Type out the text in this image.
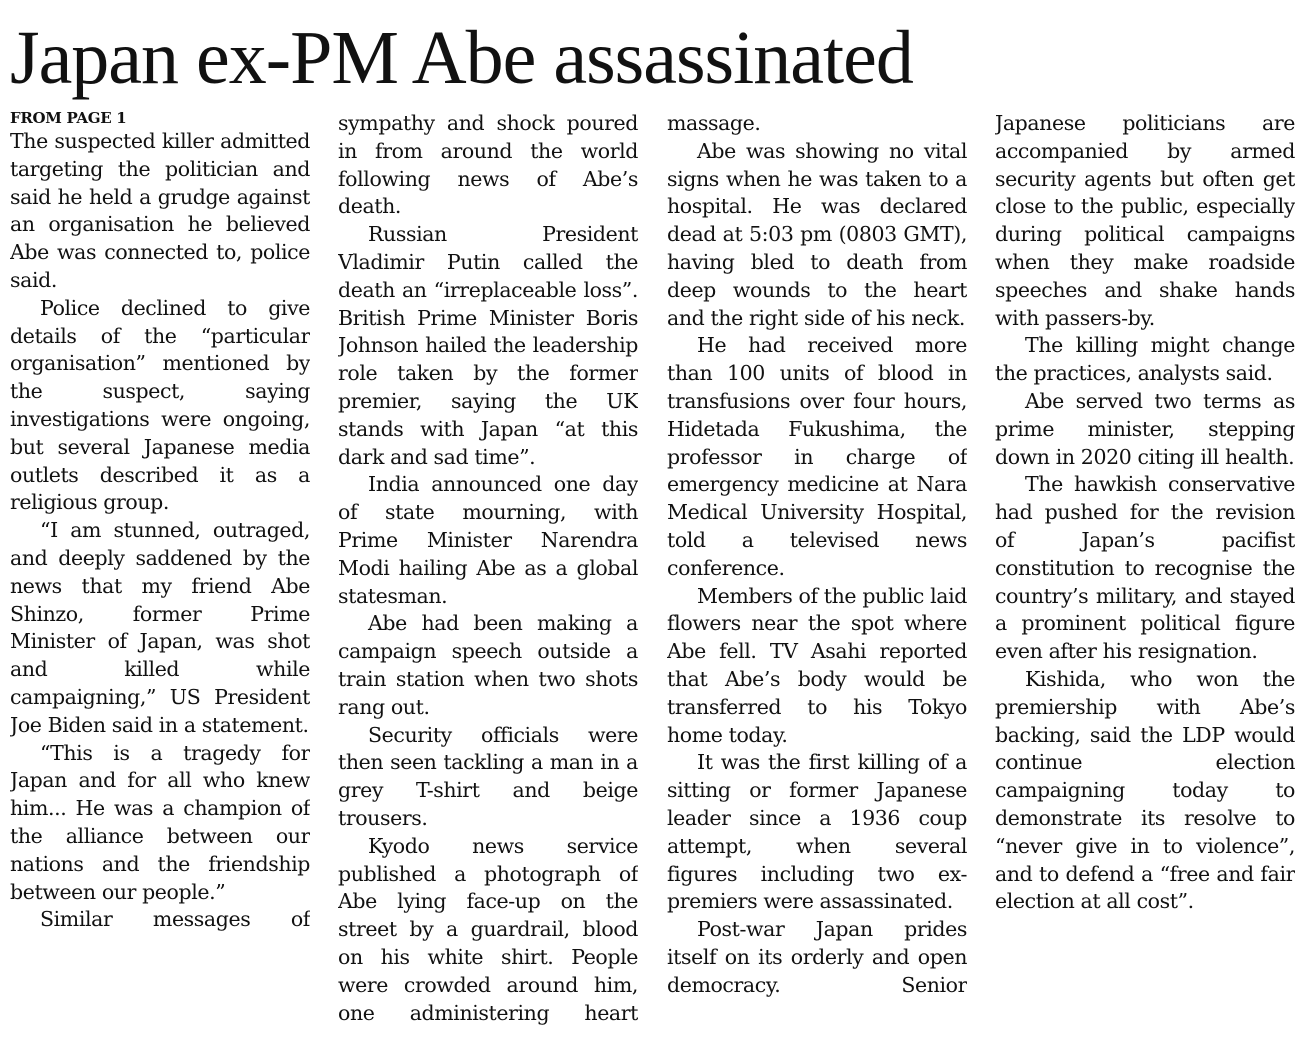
Japan ex-PM Abe assassinated

FROM PAGE 1

The suspected killer admitted targeting the politician and said he held a grudge against an organisation he believed Abe was connected to, police said.

Police declined to give details of the “particular organisation” mentioned by the suspect, saying investigations were ongoing, but several Japanese media outlets described it as a religious group.

“I am stunned, outraged, and deeply saddened by the news that my friend Abe Shinzo, former Prime Minister of Japan, was shot and killed while campaigning,” US President Joe Biden said in a statement.

“This is a tragedy for Japan and for all who knew him... He was a champion of the alliance between our nations and the friendship between our people.”

Similar messages of

sympathy and shock poured in from around the world following news of Abe’s death.

Russian President Vladimir Putin called the death an “irreplaceable loss”. British Prime Minister Boris Johnson hailed the leadership role taken by the former premier, saying the UK stands with Japan “at this dark and sad time”.

India announced one day of state mourning, with Prime Minister Narendra Modi hailing Abe as a global statesman.

Abe had been making a campaign speech outside a train station when two shots rang out.

Security officials were then seen tackling a man in a grey T-shirt and beige trousers.

Kyodo news service published a photograph of Abe lying face-up on the street by a guardrail, blood on his white shirt. People were crowded around him, one administering heart

massage.

Abe was showing no vital signs when he was taken to a hospital. He was declared dead at 5:03 pm (0803 GMT), having bled to death from deep wounds to the heart and the right side of his neck.

He had received more than 100 units of blood in transfusions over four hours, Hidetada Fukushima, the professor in charge of emergency medicine at Nara Medical University Hospital, told a televised news conference.

Members of the public laid flowers near the spot where Abe fell. TV Asahi reported that Abe’s body would be transferred to his Tokyo home today.

It was the first killing of a sitting or former Japanese leader since a 1936 coup attempt, when several figures including two ex-premiers were assassinated.

Post-war Japan prides itself on its orderly and open democracy. Senior

Japanese politicians are accompanied by armed security agents but often get close to the public, especially during political campaigns when they make roadside speeches and shake hands with passers-by.

The killing might change the practices, analysts said.

Abe served two terms as prime minister, stepping down in 2020 citing ill health.

The hawkish conservative had pushed for the revision of Japan’s pacifist constitution to recognise the country’s military, and stayed a prominent political figure even after his resignation.

Kishida, who won the premiership with Abe’s backing, said the LDP would continue election campaigning today to demonstrate its resolve to “never give in to violence”, and to defend a “free and fair election at all cost”.
